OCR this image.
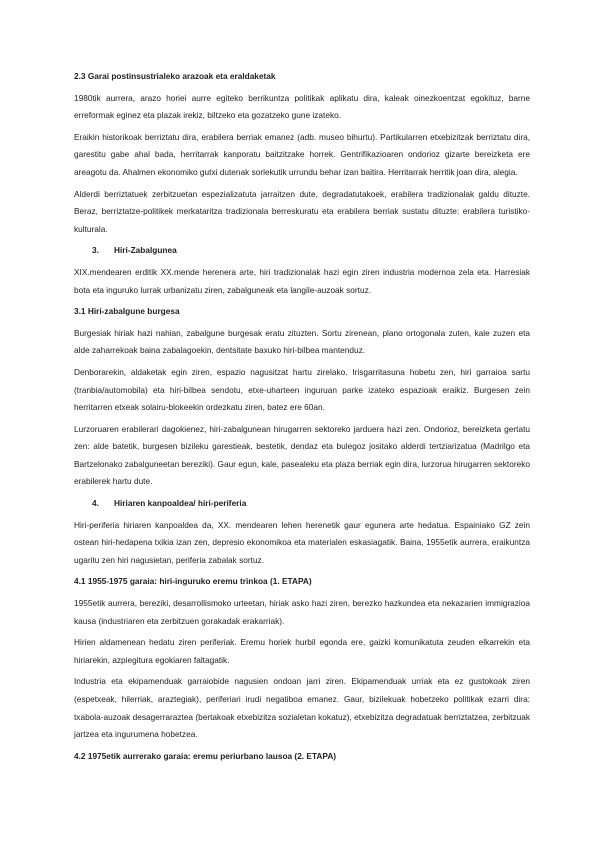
2.3 Garai postinsustrialeko arazoak eta eraldaketak

1980tik aurrera, arazo horiei aurre egiteko berrikuntza politikak aplikatu dira, kaleak oinezkoentzat egokituz, barne erreformak eginez eta plazak irekiz, biltzeko eta gozatzeko gune izateko.

Eraikin historikoak berriztatu dira, erabilera berriak emanez (adb. museo bihurtu). Partikularren etxebizitzak berriztatu dira, garestitu gabe ahal bada, herritarrak kanporatu baitzitzake horrek. Gentrifikazioaren ondorioz gizarte bereizketa ere areagotu da. Ahalmen ekonomiko gutxi dutenak sorlekutik urrundu behar izan baitira. Herritarrak herritik joan dira, alegia.

Alderdi berriztatuek zerbitzuetan espezializatuta jarraitzen dute, degradatutakoek, erabilera tradizionalak galdu dituzte. Beraz, berriztatze-politikek merkataritza tradizionala berreskuratu eta erabilera berriak sustatu dituzte: erabilera turistiko-kulturala.

3. Hiri-Zabalgunea

XIX.mendearen erditik XX.mende herenera arte, hiri tradizionalak hazi egin ziren industria modernoa zela eta. Harresiak bota eta inguruko lurrak urbanizatu ziren, zabalguneak eta langile-auzoak sortuz.

3.1 Hiri-zabalgune burgesa

Burgesiak hiriak hazi nahian, zabalgune burgesak eratu zituzten. Sortu zirenean, plano ortogonala zuten, kale zuzen eta alde zaharrekoak baina zabalagoekin, dentsitate baxuko hiri-bilbea mantenduz.

Denborarekin, aldaketak egin ziren, espazio nagusitzat hartu zirelako. Irisgarritasuna hobetu zen, hiri garraioa sartu (tranbia/automobila) eta hiri-bilbea sendotu, etxe-uharteen inguruan parke izateko espazioak eraikiz. Burgesen zein herritarren etxeak solairu-blokeekin ordezkatu ziren, batez ere 60an.

Lurzoruaren erabilerari dagokienez, hiri-zabalgunean hirugarren sektoreko jarduera hazi zen. Ondorioz, bereizketa gertatu zen: alde batetik, burgesen bizileku garestieak, bestetik, dendaz eta bulegoz jositako alderdi tertziarizatua (Madrilgo eta Bartzelonako zabalguneetan bereziki). Gaur egun, kale, pasealeku eta plaza berriak egin dira, lurzorua hirugarren sektoreko erabilerek hartu dute.

4. Hiriaren kanpoaldea/ hiri-periferia

Hiri-periferia hiriaren kanpoaldea da, XX. mendearen lehen herenetik gaur egunera arte hedatua. Espainiako GZ zein ostean hiri-hedapena txikia izan zen, depresio ekonomikoa eta materialen eskasiagatik. Baina, 1955etik aurrera, eraikuntza ugaritu zen hiri nagusietan, periferia zabalak sortuz.

4.1 1955-1975 garaia: hiri-inguruko eremu trinkoa (1. ETAPA)

1955etik aurrera, bereziki, desarrollismoko urteetan, hiriak asko hazi ziren, berezko hazkundea eta nekazarien immigrazioa kausa (industriaren eta zerbitzuen gorakadak erakarriak).

Hirien aldamenean hedatu ziren periferiak. Eremu horiek hurbil egonda ere, gaizki komunikatuta zeuden elkarrekin eta hiriarekin, azpiegitura egokiaren faltagatik.

Industria eta ekipamenduak garraiobide nagusien ondoan jarri ziren. Ekipamenduak urriak eta ez gustokoak ziren (espetxeak, hilerriak, araztegiak), periferiari irudi negatiboa emanez. Gaur, bizilekuak hobetzeko politikak ezarri dira: txabola-auzoak desagerraraztea (bertakoak etxebizitza sozialetan kokatuz), etxebizitza degradatuak berriztatzea, zerbitzuak jartzea eta ingurumena hobetzea.

4.2 1975etik aurrerako garaia: eremu periurbano lausoa (2. ETAPA)
